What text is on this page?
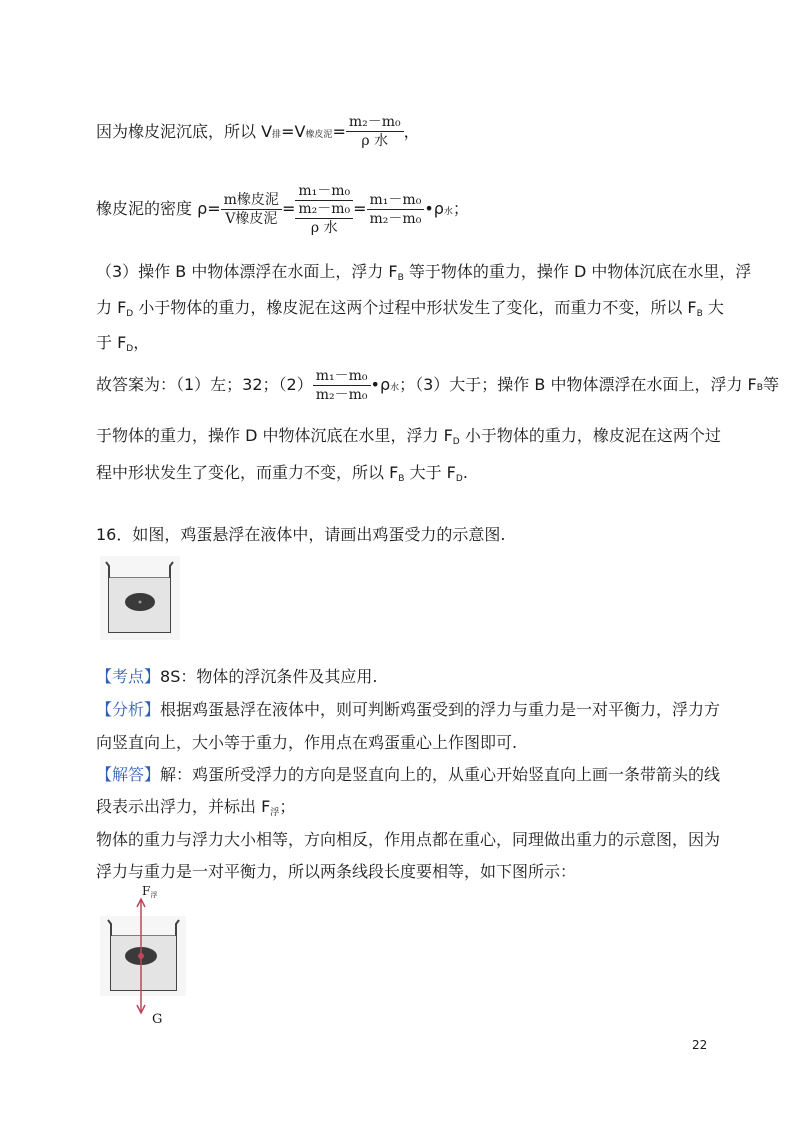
因为橡皮泥沉底，所以 V 排 =V 橡皮泥 = $\frac{\text{m₂－m₀}}{\text{ρ 水}}$ ，
橡皮泥的密度 $\rho= \frac{\text{m橡皮泥}}{\text{V橡皮泥}} = \frac{\text{m₁－m₀}}{\frac{\text{m₂－m₀}}{\text{ρ 水}}} = \frac{\text{m₁－m₀}}{\text{m₂－m₀}}$ •ρ 水 ；
（3）操作 B 中物体漂浮在水面上，浮力 FB 等于物体的重力，操作 D 中物体沉底在水里，浮
力 FD 小于物体的重力，橡皮泥在这两个过程中形状发生了变化，而重力不变，所以 FB 大
于 FD，
故答案为：（1）左；32；$(2) \frac{\text{m₁－m₀}}{\text{m₂－m₀}}$ •ρ 水 ；（3）大于；操作 B 中物体漂浮在水面上，浮力 F B 等
于物体的重力，操作 D 中物体沉底在水里，浮力 FD 小于物体的重力，橡皮泥在这两个过
程中形状发生了变化，而重力不变，所以 FB 大于 FD.
16．如图，鸡蛋悬浮在液体中，请画出鸡蛋受力的示意图.
【考点】8S：物体的浮沉条件及其应用.
【分析】根据鸡蛋悬浮在液体中，则可判断鸡蛋受到的浮力与重力是一对平衡力，浮力方
向竖直向上，大小等于重力，作用点在鸡蛋重心上作图即可.
【解答】解：鸡蛋所受浮力的方向是竖直向上的，从重心开始竖直向上画一条带箭头的线
段表示出浮力，并标出 F浮；
物体的重力与浮力大小相等，方向相反，作用点都在重心，同理做出重力的示意图，因为
浮力与重力是一对平衡力，所以两条线段长度要相等，如下图所示：
F浮
G
22
